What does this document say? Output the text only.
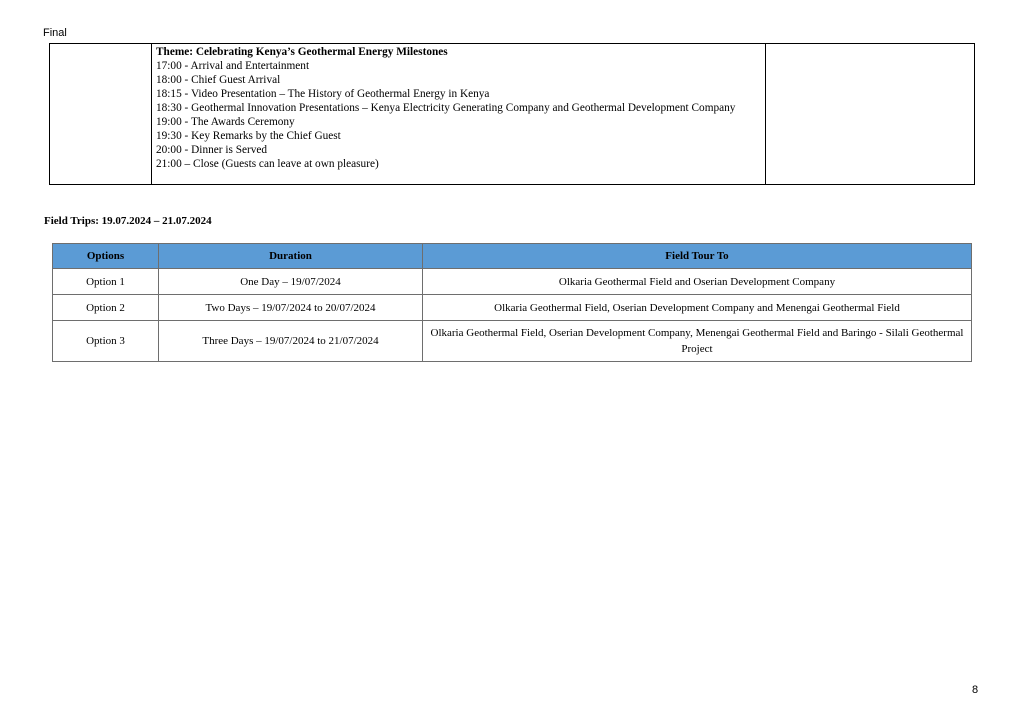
Final

Theme: Celebrating Kenya’s Geothermal Energy Milestones
17:00 - Arrival and Entertainment
18:00 - Chief Guest Arrival
18:15 - Video Presentation – The History of Geothermal Energy in Kenya
18:30 - Geothermal Innovation Presentations – Kenya Electricity Generating Company and Geothermal Development Company
19:00 - The Awards Ceremony
19:30 - Key Remarks by the Chief Guest
20:00 - Dinner is Served
21:00 – Close (Guests can leave at own pleasure)

Field Trips: 19.07.2024 – 21.07.2024
Options	Duration	Field Tour To
Option 1	One Day – 19/07/2024	Olkaria Geothermal Field and Oserian Development Company
Option 2	Two Days – 19/07/2024 to 20/07/2024	Olkaria Geothermal Field, Oserian Development Company and Menengai Geothermal Field
Option 3	Three Days – 19/07/2024 to 21/07/2024	Olkaria Geothermal Field, Oserian Development Company, Menengai Geothermal Field and Baringo - Silali Geothermal Project
8
